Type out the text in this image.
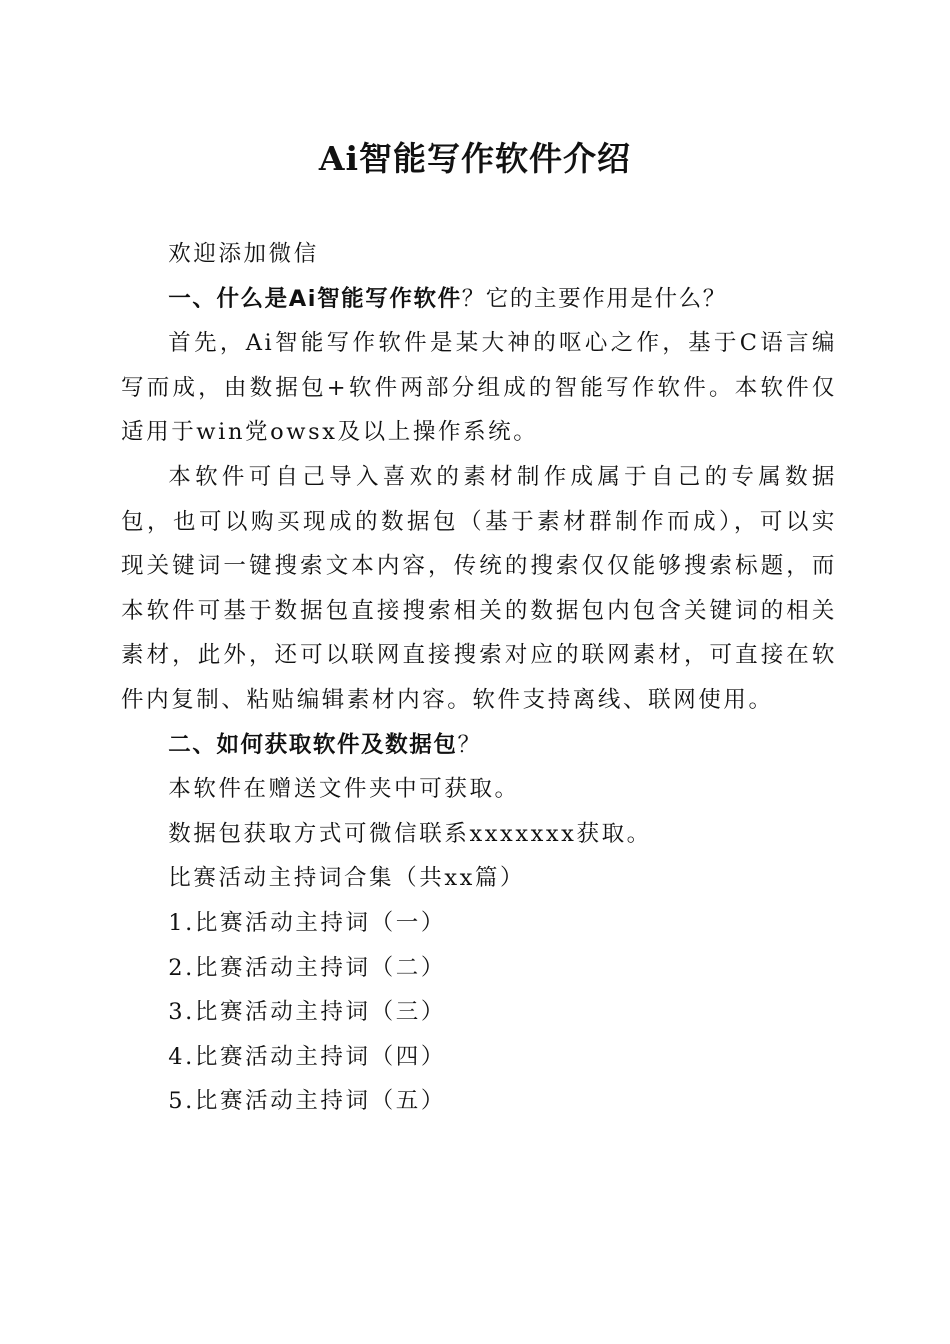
Ai智能写作软件介绍

欢迎添加微信

一、什么是Ai智能写作软件？它的主要作用是什么？

首先，Ai智能写作软件是某大神的呕心之作，基于C语言编写而成，由数据包+软件两部分组成的智能写作软件。本软件仅适用于win党owsx及以上操作系统。

本软件可自己导入喜欢的素材制作成属于自己的专属数据包，也可以购买现成的数据包（基于素材群制作而成），可以实现关键词一键搜索文本内容，传统的搜索仅仅能够搜索标题，而本软件可基于数据包直接搜索相关的数据包内包含关键词的相关素材，此外，还可以联网直接搜索对应的联网素材，可直接在软件内复制、粘贴编辑素材内容。软件支持离线、联网使用。

二、如何获取软件及数据包？

本软件在赠送文件夹中可获取。

数据包获取方式可微信联系xxxxxxx获取。

比赛活动主持词合集（共xx篇）

1.比赛活动主持词（一）

2.比赛活动主持词（二）

3.比赛活动主持词（三）

4.比赛活动主持词（四）

5.比赛活动主持词（五）
